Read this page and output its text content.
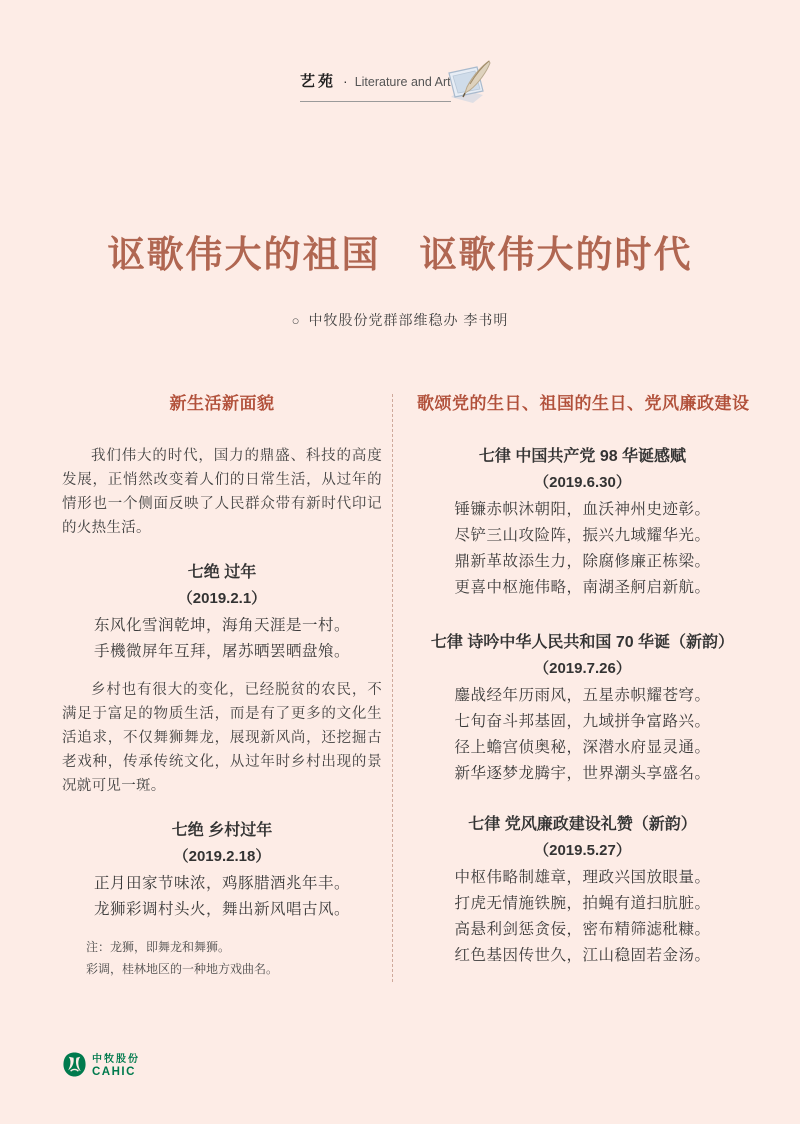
艺苑 · Literature and Art
讴歌伟大的祖国　讴歌伟大的时代
○ 中牧股份党群部维稳办 李书明
新生活新面貌

我们伟大的时代，国力的鼎盛、科技的高度发展，正悄然改变着人们的日常生活，从过年的情形也一个侧面反映了人民群众带有新时代印记的火热生活。

七绝 过年
（2019.2.1）
东风化雪润乾坤，海角天涯是一村。
手機微屏年互拜，屠苏晒罢晒盘飧。

乡村也有很大的变化，已经脱贫的农民，不满足于富足的物质生活，而是有了更多的文化生活追求，不仅舞狮舞龙，展现新风尚，还挖掘古老戏种，传承传统文化，从过年时乡村出现的景况就可见一斑。

七绝 乡村过年
（2019.2.18）
正月田家节味浓，鸡豚腊酒兆年丰。
龙狮彩调村头火，舞出新风唱古风。
注：龙狮，即舞龙和舞狮。
彩调，桂林地区的一种地方戏曲名。
歌颂党的生日、祖国的生日、党风廉政建设
七律 中国共产党 98 华诞感赋
（2019.6.30）
锤镰赤帜沐朝阳，血沃神州史迹彰。
尽铲三山攻险阵，振兴九域耀华光。
鼎新革故添生力，除腐修廉正栋梁。
更喜中枢施伟略，南湖圣舸启新航。
七律 诗吟中华人民共和国 70 华诞（新韵）
（2019.7.26）
鏖战经年历雨风，五星赤帜耀苍穹。
七旬奋斗邦基固，九域拼争富路兴。
径上蟾宫侦奥秘，深潜水府显灵通。
新华逐梦龙腾宇，世界潮头享盛名。
七律 党风廉政建设礼赞（新韵）
（2019.5.27）
中枢伟略制雄章，理政兴国放眼量。
打虎无情施铁腕，拍蝇有道扫肮脏。
高悬利剑惩贪佞，密布精筛滤秕糠。
红色基因传世久，江山稳固若金汤。
中牧股份
CAHIC
